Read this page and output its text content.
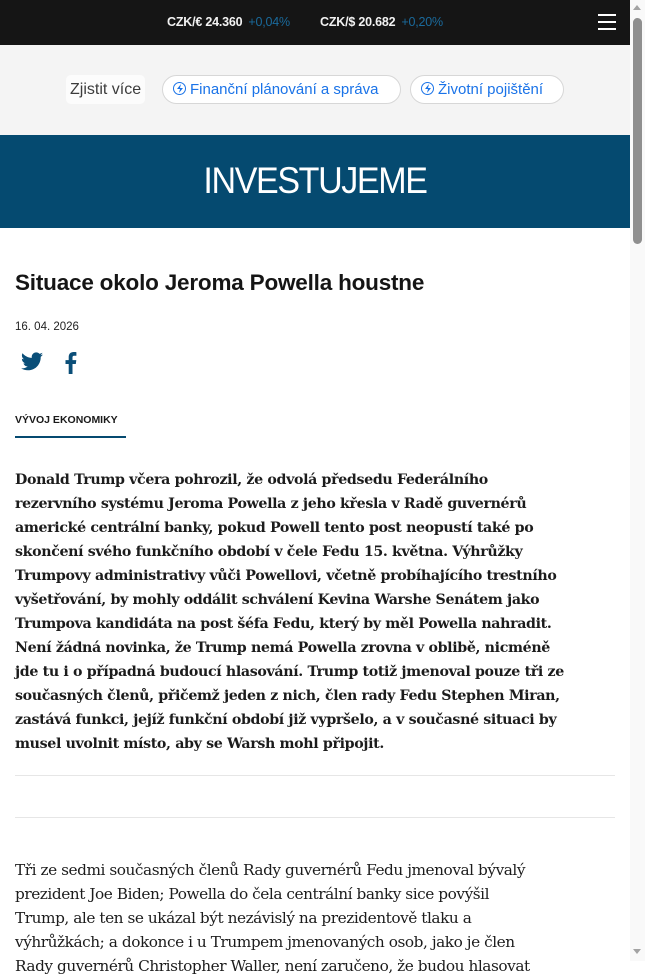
CZK/€ 24.360 +0,04% CZK/$ 20.682 +0,20%
Zjistit více	Finanční plánování a správa	Životní pojištění
INVESTUJEME
Situace okolo Jeroma Powella houstne
16. 04. 2026
VÝVOJ EKONOMIKY
Donald Trump včera pohrozil, že odvolá předsedu Federálního
rezervního systému Jeroma Powella z jeho křesla v Radě guvernérů
americké centrální banky, pokud Powell tento post neopustí také po
skončení svého funkčního období v čele Fedu 15. května. Výhrůžky
Trumpovy administrativy vůči Powellovi, včetně probíhajícího trestního
vyšetřování, by mohly oddálit schválení Kevina Warshe Senátem jako
Trumpova kandidáta na post šéfa Fedu, který by měl Powella nahradit.
Není žádná novinka, že Trump nemá Powella zrovna v oblibě, nicméně
jde tu i o případná budoucí hlasování. Trump totiž jmenoval pouze tři ze
současných členů, přičemž jeden z nich, člen rady Fedu Stephen Miran,
zastává funkci, jejíž funkční období již vypršelo, a v současné situaci by
musel uvolnit místo, aby se Warsh mohl připojit.
Tři ze sedmi současných členů Rady guvernérů Fedu jmenoval bývalý
prezident Joe Biden; Powella do čela centrální banky sice povýšil
Trump, ale ten se ukázal být nezávislý na prezidentově tlaku a
výhrůžkách; a dokonce i u Trumpem jmenovaných osob, jako je člen
Rady guvernérů Christopher Waller, není zaručeno, že budou hlasovat
